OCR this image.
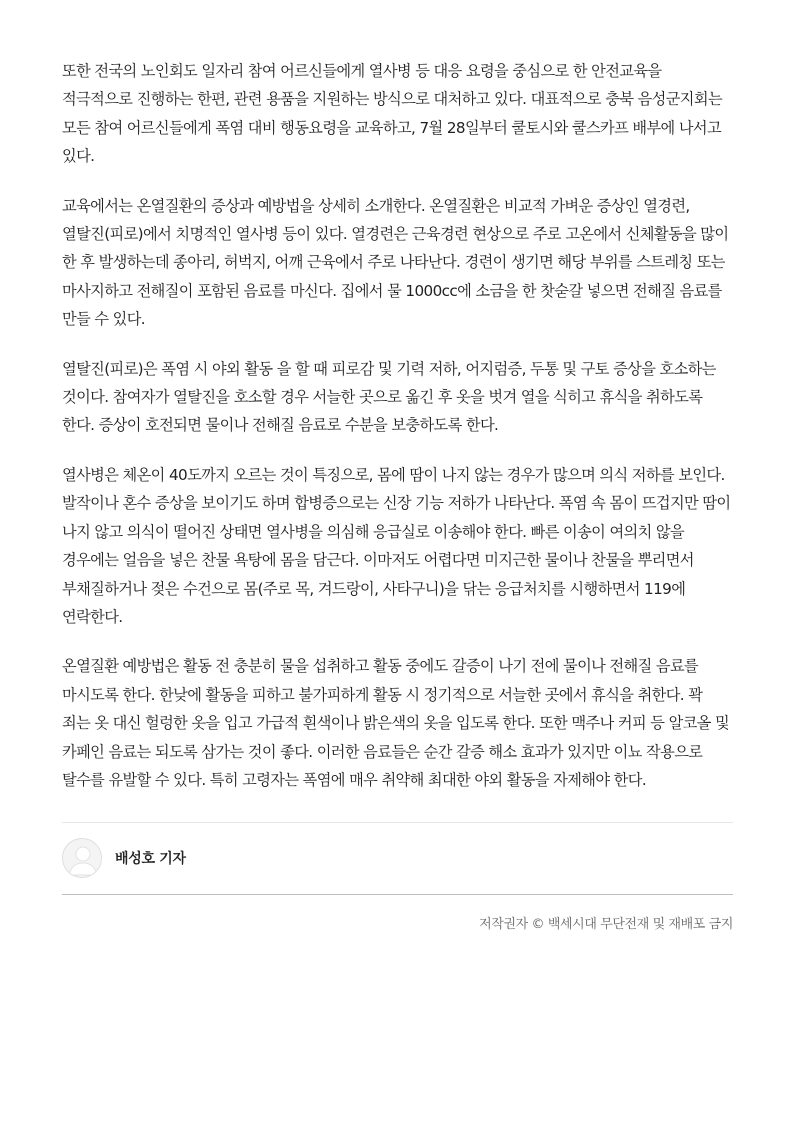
또한 전국의 노인회도 일자리 참여 어르신들에게 열사병 등 대응 요령을 중심으로 한 안전교육을 적극적으로 진행하는 한편, 관련 용품을 지원하는 방식으로 대처하고 있다. 대표적으로 충북 음성군지회는 모든 참여 어르신들에게 폭염 대비 행동요령을 교육하고, 7월 28일부터 쿨토시와 쿨스카프 배부에 나서고 있다.

교육에서는 온열질환의 증상과 예방법을 상세히 소개한다. 온열질환은 비교적 가벼운 증상인 열경련, 열탈진(피로)에서 치명적인 열사병 등이 있다. 열경련은 근육경련 현상으로 주로 고온에서 신체활동을 많이 한 후 발생하는데 종아리, 허벅지, 어깨 근육에서 주로 나타난다. 경련이 생기면 해당 부위를 스트레칭 또는 마사지하고 전해질이 포함된 음료를 마신다. 집에서 물 1000cc에 소금을 한 찻숟갈 넣으면 전해질 음료를 만들 수 있다.

열탈진(피로)은 폭염 시 야외 활동 을 할 때 피로감 및 기력 저하, 어지럼증, 두통 및 구토 증상을 호소하는 것이다. 참여자가 열탈진을 호소할 경우 서늘한 곳으로 옮긴 후 옷을 벗겨 열을 식히고 휴식을 취하도록 한다. 증상이 호전되면 물이나 전해질 음료로 수분을 보충하도록 한다.

열사병은 체온이 40도까지 오르는 것이 특징으로, 몸에 땀이 나지 않는 경우가 많으며 의식 저하를 보인다. 발작이나 혼수 증상을 보이기도 하며 합병증으로는 신장 기능 저하가 나타난다. 폭염 속 몸이 뜨겁지만 땀이 나지 않고 의식이 떨어진 상태면 열사병을 의심해 응급실로 이송해야 한다. 빠른 이송이 여의치 않을 경우에는 얼음을 넣은 찬물 욕탕에 몸을 담근다. 이마저도 어렵다면 미지근한 물이나 찬물을 뿌리면서 부채질하거나 젖은 수건으로 몸(주로 목, 겨드랑이, 사타구니)을 닦는 응급처치를 시행하면서 119에 연락한다.

온열질환 예방법은 활동 전 충분히 물을 섭취하고 활동 중에도 갈증이 나기 전에 물이나 전해질 음료를 마시도록 한다. 한낮에 활동을 피하고 불가피하게 활동 시 정기적으로 서늘한 곳에서 휴식을 취한다. 꽉 죄는 옷 대신 헐렁한 옷을 입고 가급적 흰색이나 밝은색의 옷을 입도록 한다. 또한 맥주나 커피 등 알코올 및 카페인 음료는 되도록 삼가는 것이 좋다. 이러한 음료들은 순간 갈증 해소 효과가 있지만 이뇨 작용으로 탈수를 유발할 수 있다. 특히 고령자는 폭염에 매우 취약해 최대한 야외 활동을 자제해야 한다.

배성호 기자
저작권자 © 백세시대 무단전재 및 재배포 금지
